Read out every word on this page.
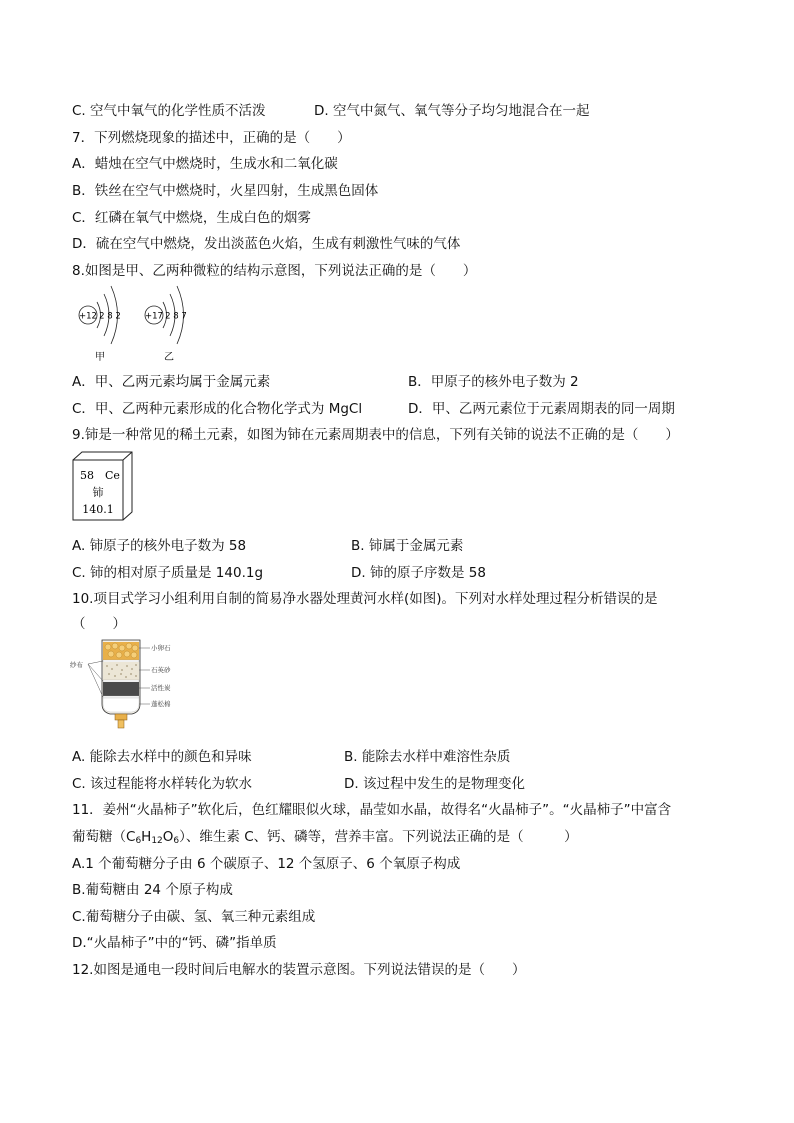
C. 空气中氧气的化学性质不活泼	D. 空气中氮气、氧气等分子均匀地混合在一起
7．下列燃烧现象的描述中，正确的是（　　）
A．蜡烛在空气中燃烧时，生成水和二氧化碳
B．铁丝在空气中燃烧时，火星四射，生成黑色固体
C．红磷在氧气中燃烧，生成白色的烟雾
D．硫在空气中燃烧，发出淡蓝色火焰，生成有刺激性气味的气体
8.如图是甲、乙两种微粒的结构示意图，下列说法正确的是（　　）
+12 2 8 2
甲
+17 2 8 7
乙
A．甲、乙两元素均属于金属元素	B．甲原子的核外电子数为 2
C．甲、乙两种元素形成的化合物化学式为 MgCl	D．甲、乙两元素位于元素周期表的同一周期
9.铈是一种常见的稀土元素，如图为铈在元素周期表中的信息，下列有关铈的说法不正确的是（　　）
58 Ce
铈
140.1
A. 铈原子的核外电子数为 58	B. 铈属于金属元素
C. 铈的相对原子质量是 140.1g	D. 铈的原子序数是 58
10.项目式学习小组利用自制的简易净水器处理黄河水样(如图)。下列对水样处理过程分析错误的是
（　　）
纱布
小卵石
石英砂
活性炭
蓬松棉
A. 能除去水样中的颜色和异味	B. 能除去水样中难溶性杂质
C. 该过程能将水样转化为软水	D. 该过程中发生的是物理变化
11．姜州“火晶柿子”软化后，色红耀眼似火球，晶莹如水晶，故得名“火晶柿子”。“火晶柿子”中富含
葡萄糖$(C_6H_{12}O_6)$、维生素 C、钙、磷等，营养丰富。下列说法正确的是（　　　）
A.1 个葡萄糖分子由 6 个碳原子、12 个氢原子、6 个氧原子构成
B.葡萄糖由 24 个原子构成
C.葡萄糖分子由碳、氢、氧三种元素组成
D.“火晶柿子”中的“钙、磷”指单质
12.如图是通电一段时间后电解水的装置示意图。下列说法错误的是（　　）
